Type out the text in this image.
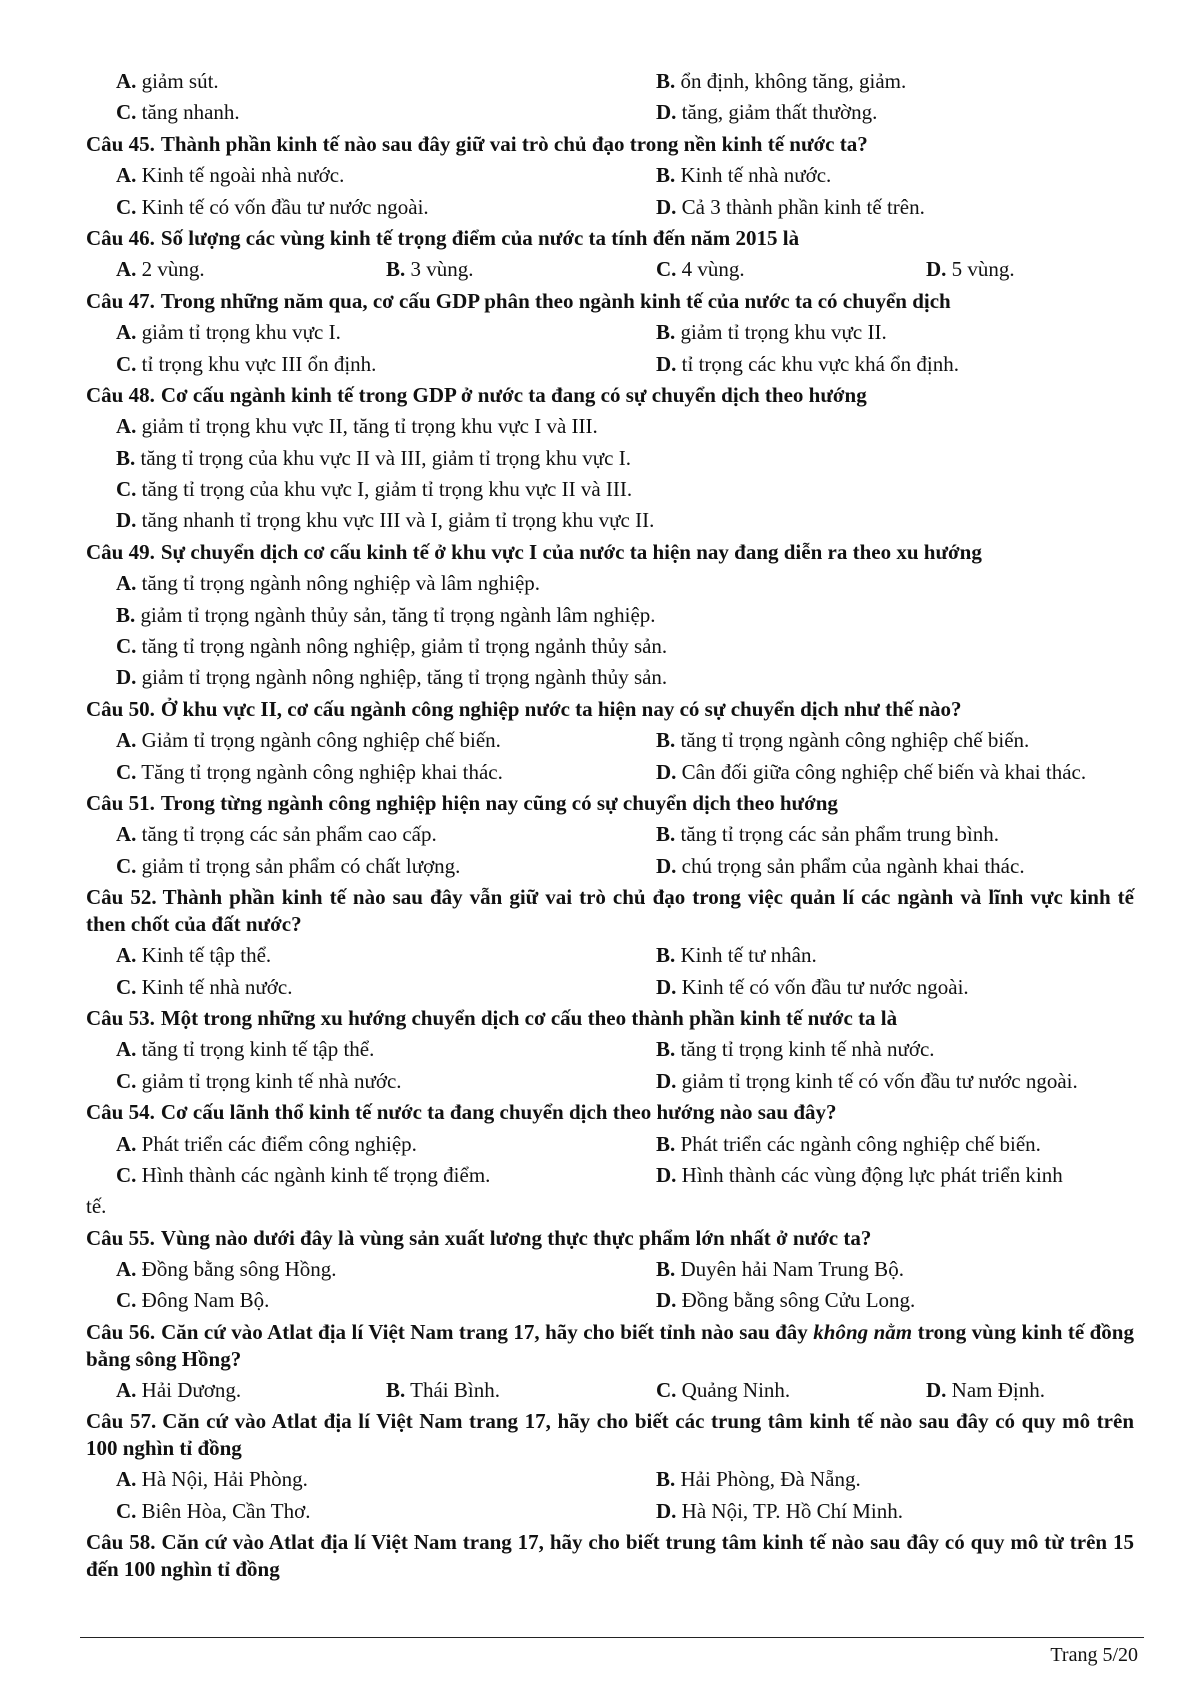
A. giảm sút.	B. ổn định, không tăng, giảm.
C. tăng nhanh.	D. tăng, giảm thất thường.
Câu 45. Thành phần kinh tế nào sau đây giữ vai trò chủ đạo trong nền kinh tế nước ta?
A. Kinh tế ngoài nhà nước.	B. Kinh tế nhà nước.
C. Kinh tế có vốn đầu tư nước ngoài.	D. Cả 3 thành phần kinh tế trên.
Câu 46. Số lượng các vùng kinh tế trọng điểm của nước ta tính đến năm 2015 là
A. 2 vùng.	B. 3 vùng.	C. 4 vùng.	D. 5 vùng.
Câu 47. Trong những năm qua, cơ cấu GDP phân theo ngành kinh tế của nước ta có chuyển dịch
A. giảm tỉ trọng khu vực I.	B. giảm tỉ trọng khu vực II.
C. tỉ trọng khu vực III ổn định.	D. tỉ trọng các khu vực khá ổn định.
Câu 48. Cơ cấu ngành kinh tế trong GDP ở nước ta đang có sự chuyển dịch theo hướng
A. giảm tỉ trọng khu vực II, tăng tỉ trọng khu vực I và III.
B. tăng tỉ trọng của khu vực II và III, giảm tỉ trọng khu vực I.
C. tăng tỉ trọng của khu vực I, giảm tỉ trọng khu vực II và III.
D. tăng nhanh tỉ trọng khu vực III và I, giảm tỉ trọng khu vực II.
Câu 49. Sự chuyển dịch cơ cấu kinh tế ở khu vực I của nước ta hiện nay đang diễn ra theo xu hướng
A. tăng tỉ trọng ngành nông nghiệp và lâm nghiệp.
B. giảm tỉ trọng ngành thủy sản, tăng tỉ trọng ngành lâm nghiệp.
C. tăng tỉ trọng ngành nông nghiệp, giảm tỉ trọng ngảnh thủy sản.
D. giảm tỉ trọng ngành nông nghiệp, tăng tỉ trọng ngành thủy sản.
Câu 50. Ở khu vực II, cơ cấu ngành công nghiệp nước ta hiện nay có sự chuyển dịch như thế nào?
A. Giảm tỉ trọng ngành công nghiệp chế biến.	B. tăng tỉ trọng ngành công nghiệp chế biến.
C. Tăng tỉ trọng ngành công nghiệp khai thác.	D. Cân đối giữa công nghiệp chế biến và khai thác.
Câu 51. Trong từng ngành công nghiệp hiện nay cũng có sự chuyển dịch theo hướng
A. tăng tỉ trọng các sản phẩm cao cấp.	B. tăng tỉ trọng các sản phẩm trung bình.
C. giảm tỉ trọng sản phẩm có chất lượng.	D. chú trọng sản phẩm của ngành khai thác.
Câu 52. Thành phần kinh tế nào sau đây vẫn giữ vai trò chủ đạo trong việc quản lí các ngành và lĩnh vực kinh tế then chốt của đất nước?
A. Kinh tế tập thể.	B. Kinh tế tư nhân.
C. Kinh tế nhà nước.	D. Kinh tế có vốn đầu tư nước ngoài.
Câu 53. Một trong những xu hướng chuyển dịch cơ cấu theo thành phần kinh tế nước ta là
A. tăng tỉ trọng kinh tế tập thể.	B. tăng tỉ trọng kinh tế nhà nước.
C. giảm tỉ trọng kinh tế nhà nước.	D. giảm tỉ trọng kinh tế có vốn đầu tư nước ngoài.
Câu 54. Cơ cấu lãnh thổ kinh tế nước ta đang chuyển dịch theo hướng nào sau đây?
A. Phát triển các điểm công nghiệp.	B. Phát triển các ngành công nghiệp chế biến.
C. Hình thành các ngành kinh tế trọng điểm.	D. Hình thành các vùng động lực phát triển kinh
tế.
Câu 55. Vùng nào dưới đây là vùng sản xuất lương thực thực phẩm lớn nhất ở nước ta?
A. Đồng bằng sông Hồng.	B. Duyên hải Nam Trung Bộ.
C. Đông Nam Bộ.	D. Đồng bằng sông Cửu Long.
Câu 56. Căn cứ vào Atlat địa lí Việt Nam trang 17, hãy cho biết tỉnh nào sau đây không nằm trong vùng kinh tế đồng bằng sông Hồng?
A. Hải Dương.	B. Thái Bình.	C. Quảng Ninh.	D. Nam Định.
Câu 57. Căn cứ vào Atlat địa lí Việt Nam trang 17, hãy cho biết các trung tâm kinh tế nào sau đây có quy mô trên 100 nghìn tỉ đồng
A. Hà Nội, Hải Phòng.	B. Hải Phòng, Đà Nẵng.
C. Biên Hòa, Cần Thơ.	D. Hà Nội, TP. Hồ Chí Minh.
Câu 58. Căn cứ vào Atlat địa lí Việt Nam trang 17, hãy cho biết trung tâm kinh tế nào sau đây có quy mô từ trên 15 đến 100 nghìn tỉ đồng
Trang 5/20
